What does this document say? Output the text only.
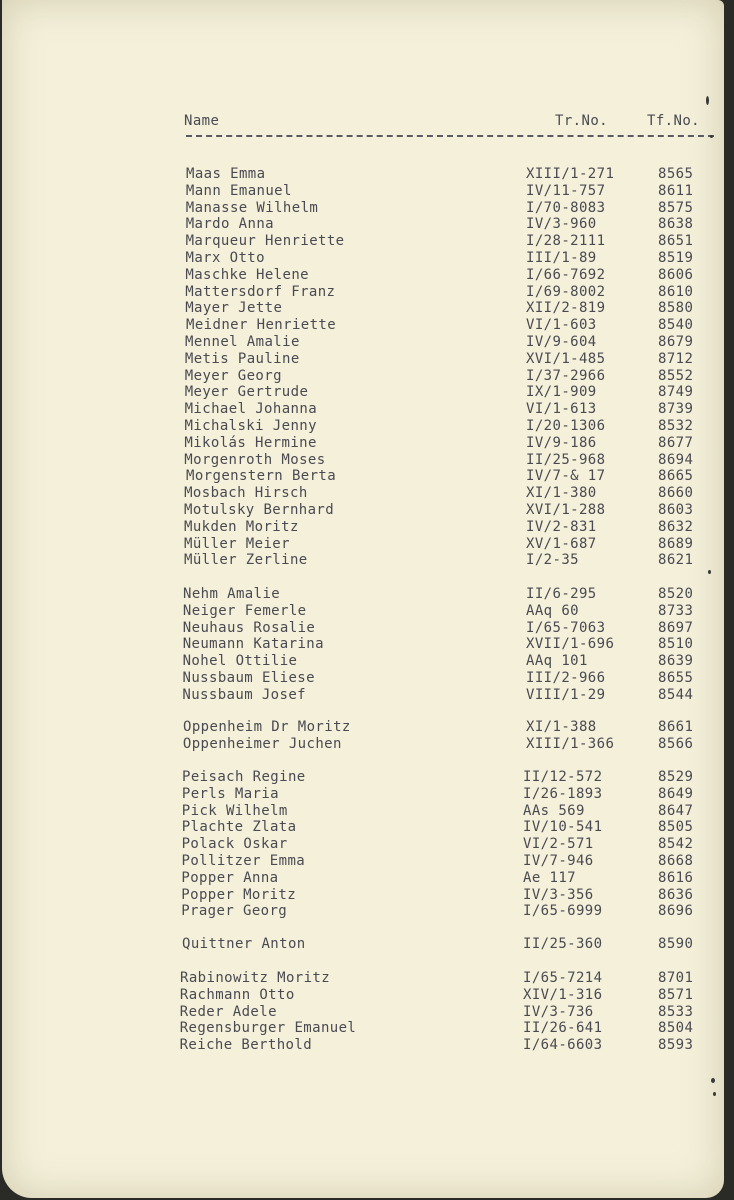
Name	Tr.No.	Tf.No.
Maas Emma	XIII/1-271	8565
Mann Emanuel	IV/11-757	8611
Manasse Wilhelm	I/70-8083	8575
Mardo Anna	IV/3-960	8638
Marqueur Henriette	I/28-2111	8651
Marx Otto	III/1-89	8519
Maschke Helene	I/66-7692	8606
Mattersdorf Franz	I/69-8002	8610
Mayer Jette	XII/2-819	8580
Meidner Henriette	VI/1-603	8540
Mennel Amalie	IV/9-604	8679
Metis Pauline	XVI/1-485	8712
Meyer Georg	I/37-2966	8552
Meyer Gertrude	IX/1-909	8749
Michael Johanna	VI/1-613	8739
Michalski Jenny	I/20-1306	8532
Mikolás Hermine	IV/9-186	8677
Morgenroth Moses	II/25-968	8694
Morgenstern Berta	IV/7-& 17	8665
Mosbach Hirsch	XI/1-380	8660
Motulsky Bernhard	XVI/1-288	8603
Mukden Moritz	IV/2-831	8632
Müller Meier	XV/1-687	8689
Müller Zerline	I/2-35	8621
Nehm Amalie	II/6-295	8520
Neiger Femerle	AAq 60	8733
Neuhaus Rosalie	I/65-7063	8697
Neumann Katarina	XVII/1-696	8510
Nohel Ottilie	AAq 101	8639
Nussbaum Eliese	III/2-966	8655
Nussbaum Josef	VIII/1-29	8544
Oppenheim Dr Moritz	XI/1-388	8661
Oppenheimer Juchen	XIII/1-366	8566
Peisach Regine	II/12-572	8529
Perls Maria	I/26-1893	8649
Pick Wilhelm	AAs 569	8647
Plachte Zlata	IV/10-541	8505
Polack Oskar	VI/2-571	8542
Pollitzer Emma	IV/7-946	8668
Popper Anna	Ae 117	8616
Popper Moritz	IV/3-356	8636
Prager Georg	I/65-6999	8696
Quittner Anton	II/25-360	8590
Rabinowitz Moritz	I/65-7214	8701
Rachmann Otto	XIV/1-316	8571
Reder Adele	IV/3-736	8533
Regensburger Emanuel	II/26-641	8504
Reiche Berthold	I/64-6603	8593
